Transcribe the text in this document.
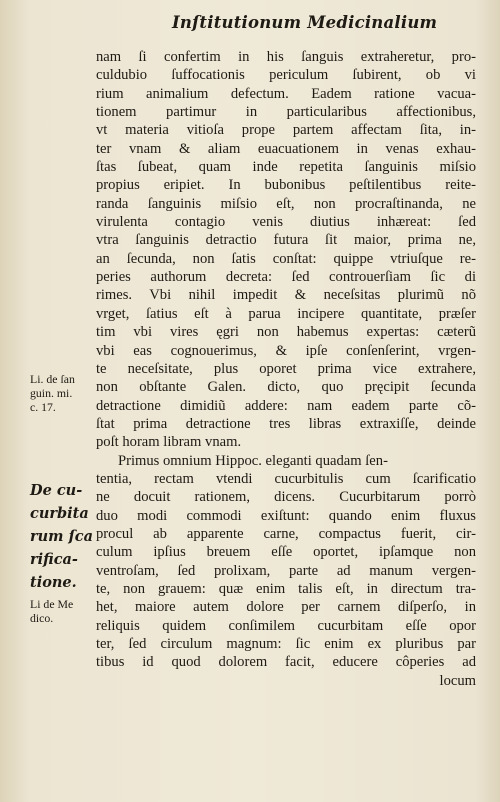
Inſtitutionum Medicinalium
nam ſi confertim in his ſanguis extraheretur, pro-
culdubio ſuffocationis periculum ſubirent, ob vi
rium animalium defectum. Eadem ratione vacua-
tionem partimur in particularibus affectionibus,
vt materia vitioſa prope partem affectam ſita, in-
ter vnam & aliam euacuationem in venas exhau-
ſtas ſubeat, quam inde repetita ſanguinis miſsio
propius eripiet. In bubonibus peſtilentibus reite-
randa ſanguinis miſsio eſt, non procraſtinanda, ne
virulenta contagio venis diutius inhæreat: ſed
vtra ſanguinis detractio futura ſit maior, prima ne,
an ſecunda, non ſatis conſtat: quippe vtriuſque re-
peries authorum decreta: ſed controuerſiam ſic di
rimes. Vbi nihil impedit & neceſsitas plurimũ nõ
vrget, ſatius eſt à parua incipere quantitate, præſer
tim vbi vires ęgri non habemus expertas: cæterũ
vbi eas cognouerimus, & ipſe conſenſerint, vrgen-
te neceſsitate, plus oporet prima vice extrahere,
non obſtante Galen. dicto, quo pręcipit ſecunda
detractione dimidiũ addere: nam eadem parte cõ-
ſtat prima detractione tres libras extraxiſſe, deinde
poſt horam libram vnam.
Primus omnium Hippoc. eleganti quadam ſen-
tentia, rectam vtendi cucurbitulis cum ſcarificatio
ne docuit rationem, dicens. Cucurbitarum porrò
duo modi commodi exiſtunt: quando enim fluxus
procul ab apparente carne, compactus fuerit, cir-
culum ipſius breuem eſſe oportet, ipſamque non
ventroſam, ſed prolixam, parte ad manum vergen-
te, non grauem: quæ enim talis eſt, in directum tra-
het, maiore autem dolore per carnem diſperſo, in
reliquis quidem conſimilem cucurbitam eſſe opor
ter, ſed circulum magnum: ſic enim ex pluribus par
tibus id quod dolorem facit, educere côperies ad
locum
Li. de ſan
guin. mi.
c. 17.
De cu-
curbita
rum ſca
rifica-
tione.
Li de Me
dico.
